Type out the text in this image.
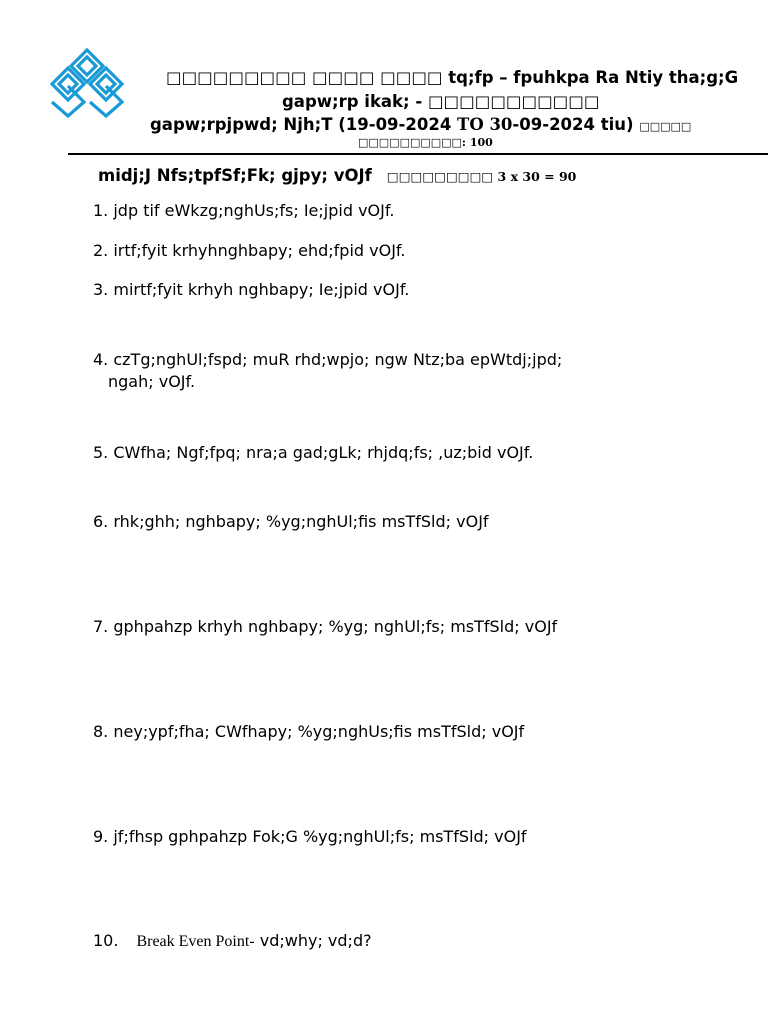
□□□□□□□□□ □□□□ □□□□ tq;fp – fpuhkpa Ra Ntiy tha;g;G
gapw;rp ikak; - □□□□□□□□□□□
gapw;rpjpwd; Njh;T (19-09-2024 TO 30-09-2024 tiu) □□□□□
□□□□□□□□□□: 100
midj;J Nfs;tpfSf;Fk; gjpy; vOJf □□□□□□□□□ 3 x 30 = 90
1. jdp tif eWkzg;nghUs;fs; Ie;jpid vOJf.
2. irtf;fyit krhyhnghbapy; ehd;fpid vOJf.
3. mirtf;fyit krhyh nghbapy; Ie;jpid vOJf.
4. czTg;nghUl;fspd; muR rhd;wpjo; ngw Ntz;ba epWtdj;jpd;
ngah; vOJf.
5. CWfha; Ngf;fpq; nra;a gad;gLk; rhjdq;fs; ,uz;bid vOJf.
6. rhk;ghh; nghbapy; %yg;nghUl;fis msTfSld; vOJf
7. gphpahzp krhyh nghbapy; %yg; nghUl;fs; msTfSld; vOJf
8. ney;ypf;fha; CWfhapy; %yg;nghUs;fis msTfSld; vOJf
9. jf;fhsp gphpahzp Fok;G %yg;nghUl;fs; msTfSld; vOJf
10. Break Even Point- vd;why; vd;d?
